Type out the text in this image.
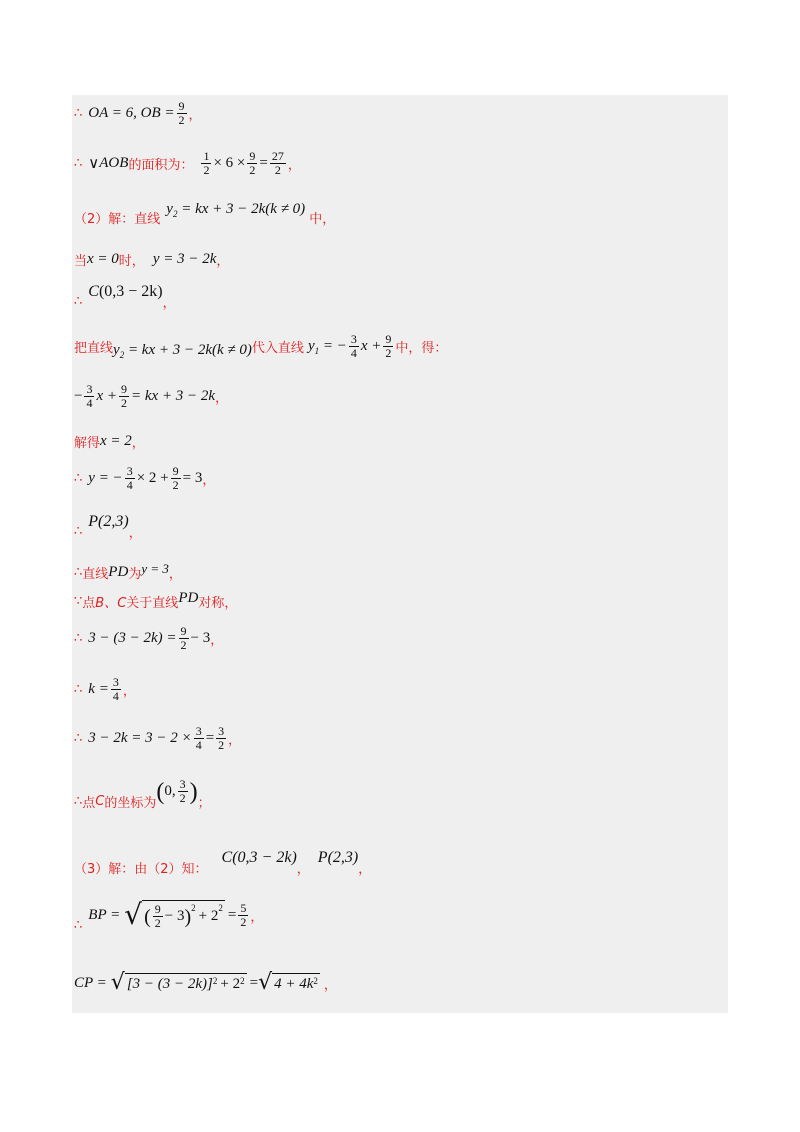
∴ OA = 6, OB = $\frac{9}{2}$ ，
∴ ∨ AOB 的面积为： $\frac{1}{2} \times 6 \times \frac{9}{2} = \frac{27}{2}$ ，
（2）解：直线
$y_2$ = kx + 3 − 2k(k ≠ 0)
中，
当 x = 0 时， y = 3 − 2k ，
∴
C (0,3 − 2k)
，
把直线 $y_2$ = kx + 3 − 2k(k ≠ 0) 代入直线 $y_1$ = − $\frac{3}{4}$ $x + \frac{9}{2}$ 中，得：
− $\frac{3}{4}$ $x + \frac{9}{2}$ = kx + 3 − 2k ，
解得 x = 2 ，
∴ y = − $\frac{3}{4} \times 2 + \frac{9}{2} = 3$ ，
∴
P(2,3)
，
∴ 直线 PD 为 y = 3 ，
∵ 点 B、C 关于直线 PD 对称，
∴ $3 - (3 - 2k) = \frac{9}{2} - 3$ ，
∴ $k = \frac{3}{4}$ ，
∴ $3 - 2k = 3 - 2 \times \frac{3}{4} = \frac{3}{2}$ ，
∴ 点 C 的坐标为 ( 0, $\frac{3}{2}$ ) ；
（3）解：由（2）知：
C(0,3 − 2k)
，
P(2,3)
，
∴
BP = √ ( $\frac{9}{2} - 3$ )$^2 + 2^2 = \frac{5}{2}$ ，
CP = √ $[3 - (3 - 2k)]^2 + 2^2$ = √ $4 + 4k^2$ ，
